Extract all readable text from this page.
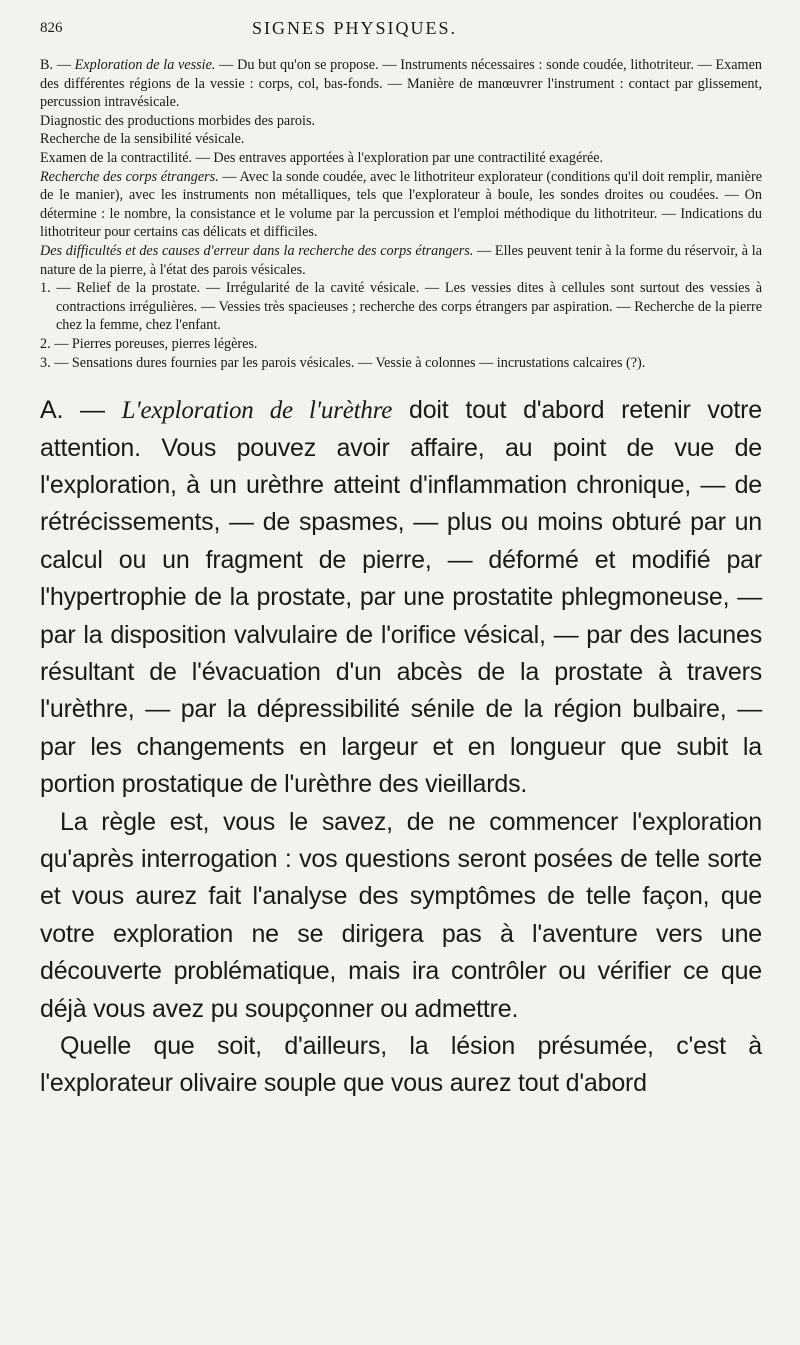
826	SIGNES PHYSIQUES.

B. — Exploration de la vessie. — Du but qu'on se propose. — Instruments nécessaires : sonde coudée, lithotriteur. — Examen des différentes régions de la vessie : corps, col, bas-fonds. — Manière de manœuvrer l'instrument : contact par glissement, percussion intravésicale.

Diagnostic des productions morbides des parois.

Recherche de la sensibilité vésicale.

Examen de la contractilité. — Des entraves apportées à l'exploration par une contractilité exagérée.

Recherche des corps étrangers. — Avec la sonde coudée, avec le lithotriteur explorateur (conditions qu'il doit remplir, manière de le manier), avec les instruments non métalliques, tels que l'explorateur à boule, les sondes droites ou coudées. — On détermine : le nombre, la consistance et le volume par la percussion et l'emploi méthodique du lithotriteur. — Indications du lithotriteur pour certains cas délicats et difficiles.

Des difficultés et des causes d'erreur dans la recherche des corps étrangers. — Elles peuvent tenir à la forme du réservoir, à la nature de la pierre, à l'état des parois vésicales.

1. — Relief de la prostate. — Irrégularité de la cavité vésicale. — Les vessies dites à cellules sont surtout des vessies à contractions irrégulières. — Vessies très spacieuses ; recherche des corps étrangers par aspiration. — Recherche de la pierre chez la femme, chez l'enfant.

2. — Pierres poreuses, pierres légères.

3. — Sensations dures fournies par les parois vésicales. — Vessie à colonnes — incrustations calcaires (?).

A. — L'exploration de l'urèthre doit tout d'abord retenir votre attention. Vous pouvez avoir affaire, au point de vue de l'exploration, à un urèthre atteint d'inflammation chronique, — de rétrécissements, — de spasmes, — plus ou moins obturé par un calcul ou un fragment de pierre, — déformé et modifié par l'hypertrophie de la prostate, par une prostatite phlegmoneuse, — par la disposition valvulaire de l'orifice vésical, — par des lacunes résultant de l'évacuation d'un abcès de la prostate à travers l'urèthre, — par la dépressibilité sénile de la région bulbaire, — par les changements en largeur et en longueur que subit la portion prostatique de l'urèthre des vieillards.

La règle est, vous le savez, de ne commencer l'exploration qu'après interrogation : vos questions seront posées de telle sorte et vous aurez fait l'analyse des symptômes de telle façon, que votre exploration ne se dirigera pas à l'aventure vers une découverte problématique, mais ira contrôler ou vérifier ce que déjà vous avez pu soupçonner ou admettre.

Quelle que soit, d'ailleurs, la lésion présumée, c'est à l'explorateur olivaire souple que vous aurez tout d'abord
